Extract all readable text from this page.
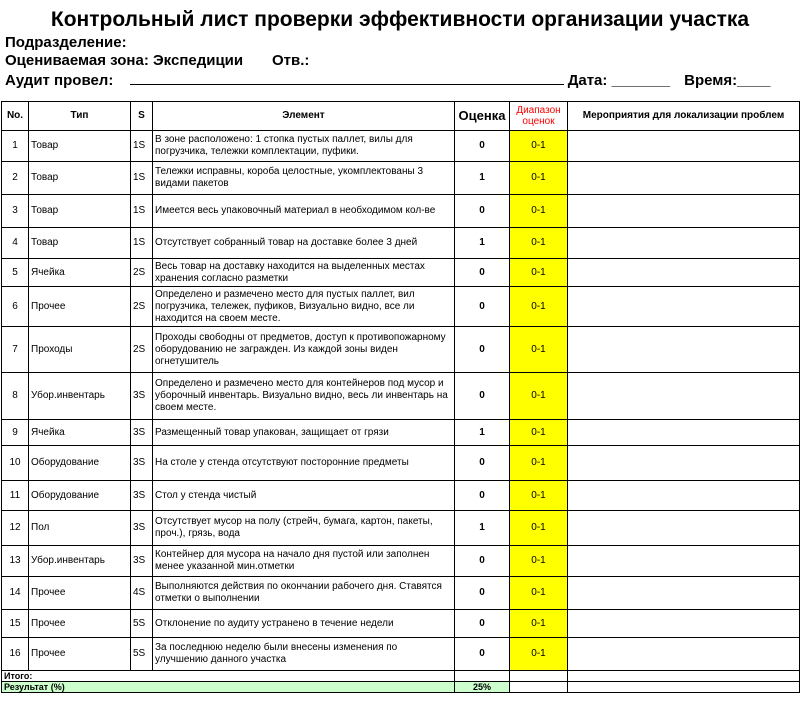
Контрольный лист проверки эффективности организации участка
Подразделение:
Оцениваемая зона: Экспедиции Отв.:
Аудит провел:	Дата: _______ Время:____
No.	Тип	S	Элемент	Оценка	Диапазон оценок	Мероприятия для локализации проблем
1	Товар	1S	В зоне расположено: 1 стопка пустых паллет, вилы для погрузчика, тележки комплектации, пуфики.	0	0-1	
2	Товар	1S	Тележки исправны, короба целостные, укомплектованы 3 видами пакетов	1	0-1	
3	Товар	1S	Имеется весь упаковочный материал в необходимом кол-ве	0	0-1	
4	Товар	1S	Отсутствует собранный товар на доставке более 3 дней	1	0-1	
5	Ячейка	2S	Весь товар на доставку находится на выделенных местах хранения согласно разметки	0	0-1	
6	Прочее	2S	Определено и размечено место для пустых паллет, вил погрузчика, тележек, пуфиков, Визуально видно, все ли находится на своем месте.	0	0-1	
7	Проходы	2S	Проходы свободны от предметов, доступ к противопожарному оборудованию не загражден. Из каждой зоны виден огнетушитель	0	0-1	
8	Убор.инвентарь	3S	Определено и размечено место для контейнеров под мусор и уборочный инвентарь. Визуально видно, весь ли инвентарь на своем месте.	0	0-1	
9	Ячейка	3S	Размещенный товар упакован, защищает от грязи	1	0-1	
10	Оборудование	3S	На столе у стенда отсутствуют посторонние предметы	0	0-1	
11	Оборудование	3S	Стол у стенда чистый	0	0-1	
12	Пол	3S	Отсутствует мусор на полу (стрейч, бумага, картон, пакеты, проч.), грязь, вода	1	0-1	
13	Убор.инвентарь	3S	Контейнер для мусора на начало дня пустой или заполнен менее указанной мин.отметки	0	0-1	
14	Прочее	4S	Выполняются действия по окончании рабочего дня. Ставятся отметки о выполнении	0	0-1	
15	Прочее	5S	Отклонение по аудиту устранено в течение недели	0	0-1	
16	Прочее	5S	За последнюю неделю были внесены изменения по улучшению данного участка	0	0-1	
Итого:						
Результат (%)				25%		
